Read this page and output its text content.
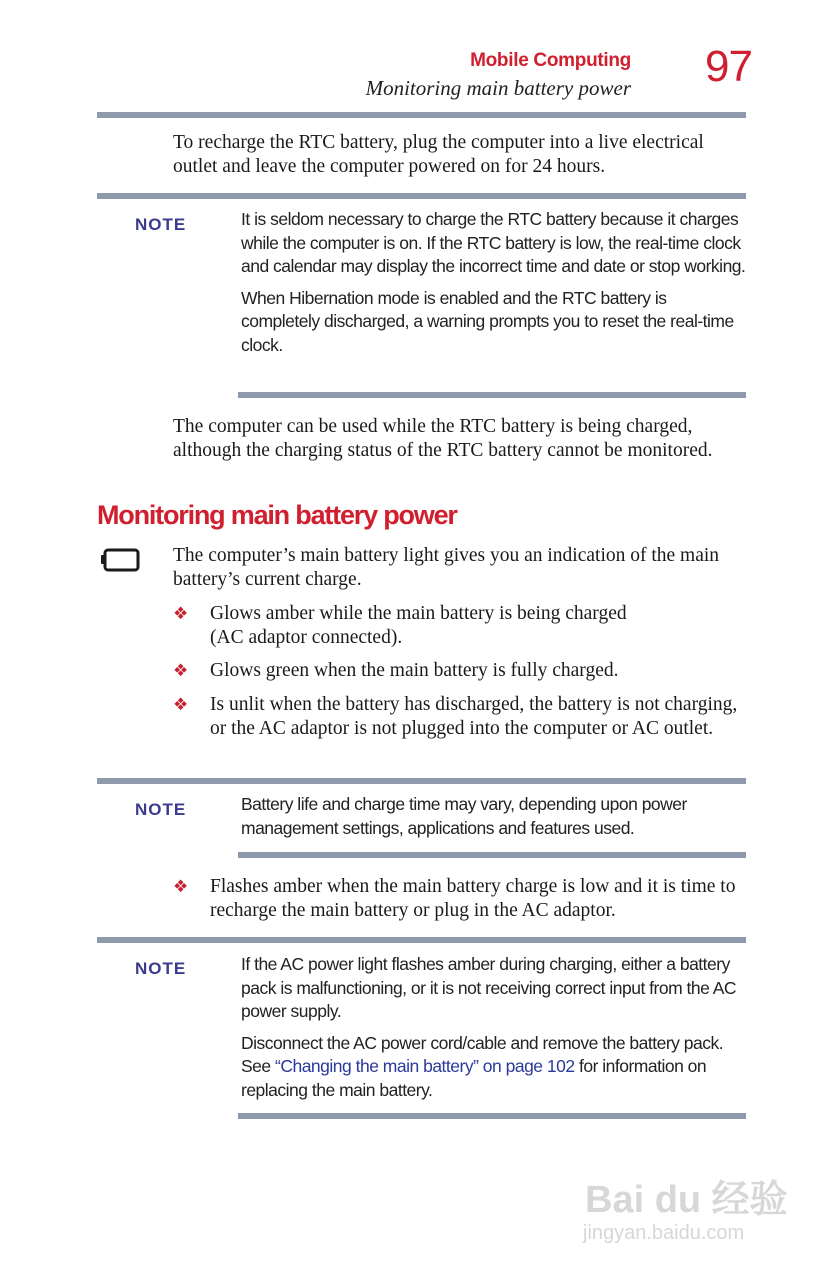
Mobile Computing
Monitoring main battery power 97
To recharge the RTC battery, plug the computer into a live electrical
outlet and leave the computer powered on for 24 hours.
NOTE	It is seldom necessary to charge the RTC battery because it charges while the computer is on. If the RTC battery is low, the real-time clock and calendar may display the incorrect time and date or stop working.

When Hibernation mode is enabled and the RTC battery is completely discharged, a warning prompts you to reset the real-time clock.

The computer can be used while the RTC battery is being charged, although the charging status of the RTC battery cannot be monitored.
Monitoring main battery power
The computer’s main battery light gives you an indication of the main battery’s current charge.
❖ Glows amber while the main battery is being charged
(AC adaptor connected).
❖ Glows green when the main battery is fully charged.
❖ Is unlit when the battery has discharged, the battery is not charging, or the AC adaptor is not plugged into the computer or AC outlet.
NOTE	Battery life and charge time may vary, depending upon power management settings, applications and features used.

❖ Flashes amber when the main battery charge is low and it is time to recharge the main battery or plug in the AC adaptor.
NOTE	If the AC power light flashes amber during charging, either a battery pack is malfunctioning, or it is not receiving correct input from the AC power supply.

Disconnect the AC power cord/cable and remove the battery pack. See “Changing the main battery” on page 102 for information on replacing the main battery.

Bai du 经验
jingyan.baidu.com
